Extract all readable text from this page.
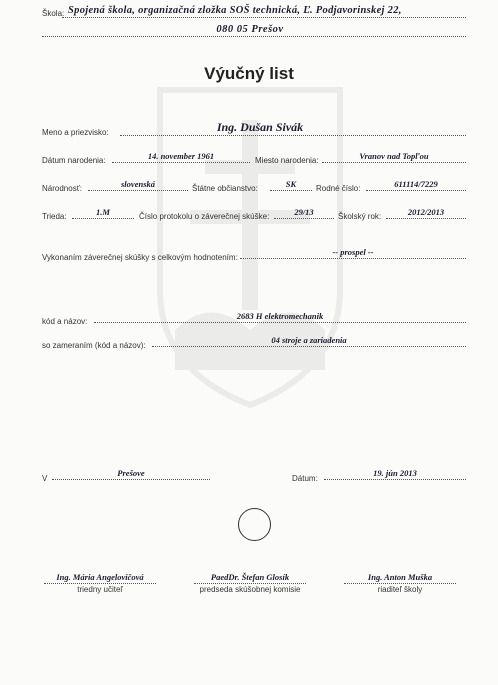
Škola: Spojená škola, organizačná zložka SOŠ technická, Ľ. Podjavorinskej 22,
080 05 Prešov
Výučný list
Meno a priezvisko:	Ing. Dušan Sivák
Dátum narodenia:	14. november 1961	Miesto narodenia:	Vranov nad Topľou
Národnosť:	slovenská	Štátne občianstvo:	SK	Rodné číslo:	611114/7229
Trieda:	1.M	Číslo protokolu o záverečnej skúške:	29/13	Školský rok:	2012/2013
Vykonaním záverečnej skúšky s celkovým hodnotením:
-- prospel --
kód a názov:
2683 H elektromechanik
so zameraním (kód a názov):
04 stroje a zariadenia
V
Prešove
Dátum:
19. jún 2013
Ing. Mária Angelovičová
triedny učiteľ
PaedDr. Štefan Glosík
predseda skúšobnej komisie
Ing. Anton Muška
riaditeľ školy
